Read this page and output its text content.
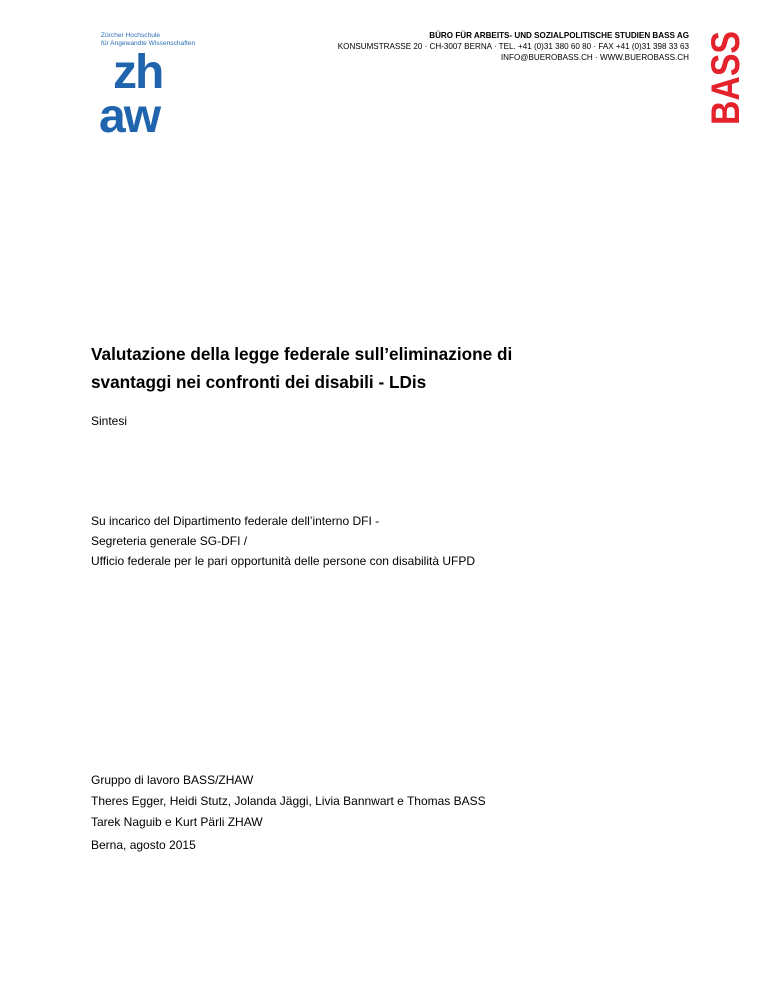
Zürcher Hochschule
für Angewandte Wissenschaften
zh
aw
BÜRO FÜR ARBEITS- UND SOZIALPOLITISCHE STUDIEN BASS AG
KONSUMSTRASSE 20 · CH-3007 BERNA · TEL. +41 (0)31 380 60 80 · FAX +41 (0)31 398 33 63
INFO@BUEROBASS.CH · WWW.BUEROBASS.CH BASS
Valutazione della legge federale sull’eliminazione di
svantaggi nei confronti dei disabili - LDis

Sintesi

Su incarico del Dipartimento federale dell’interno DFI -
Segreteria generale SG-DFI /
Ufficio federale per le pari opportunità delle persone con disabilità UFPD
Gruppo di lavoro BASS/ZHAW
Theres Egger, Heidi Stutz, Jolanda Jäggi, Livia Bannwart e Thomas BASS
Tarek Naguib e Kurt Pärli ZHAW
Berna, agosto 2015
